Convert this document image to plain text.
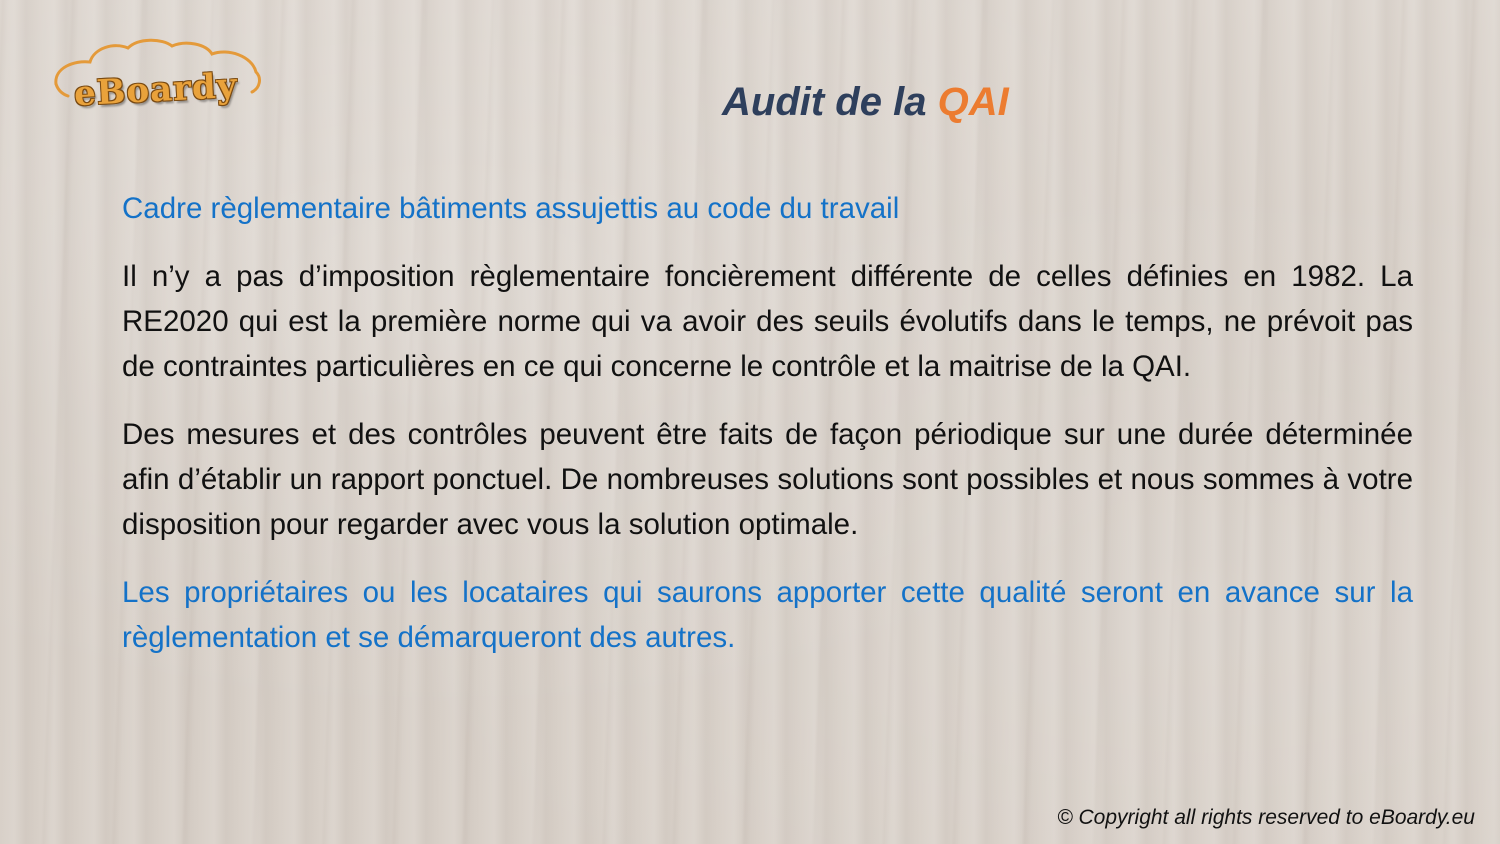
eBoardy	Audit de la QAI

Cadre règlementaire bâtiments assujettis au code du travail

Il n’y a pas d’imposition règlementaire foncièrement différente de celles définies en 1982. La RE2020 qui est la première norme qui va avoir des seuils évolutifs dans le temps, ne prévoit pas de contraintes particulières en ce qui concerne le contrôle et la maitrise de la QAI.

Des mesures et des contrôles peuvent être faits de façon périodique sur une durée déterminée afin d’établir un rapport ponctuel. De nombreuses solutions sont possibles et nous sommes à votre disposition pour regarder avec vous la solution optimale.

Les propriétaires ou les locataires qui saurons apporter cette qualité seront en avance sur la règlementation et se démarqueront des autres.

© Copyright all rights reserved to eBoardy.eu
